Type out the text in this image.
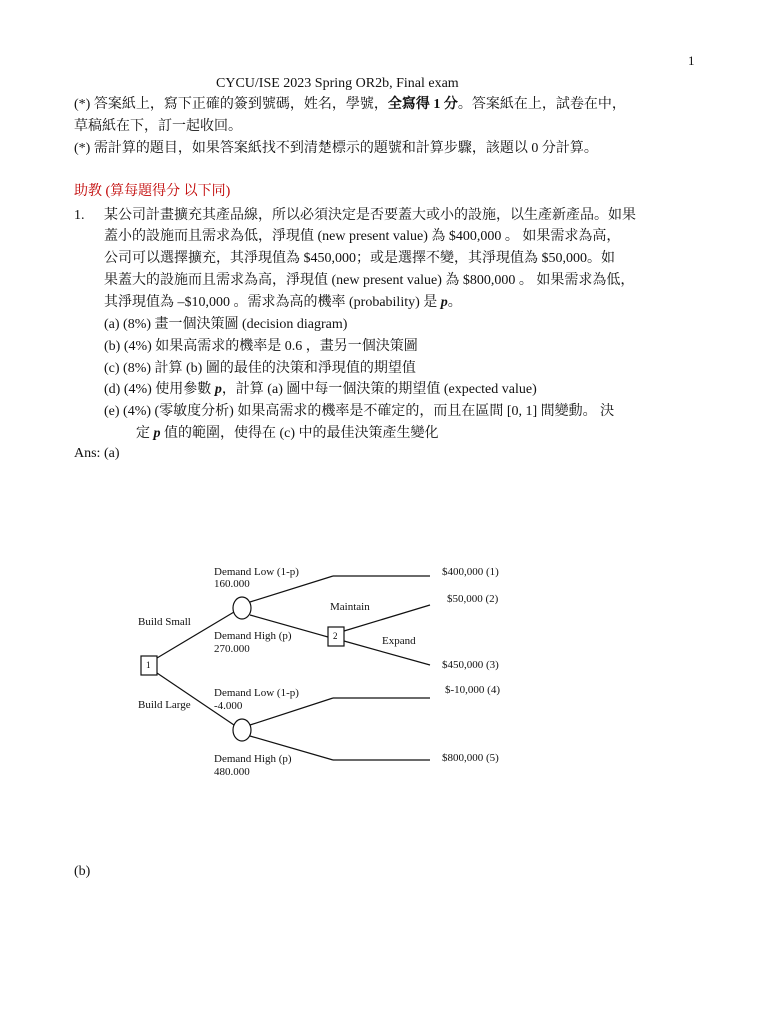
1
CYCU/ISE 2023 Spring OR2b, Final exam
(*) 答案紙上，寫下正確的簽到號碼，姓名，學號，全寫得 1 分。答案紙在上，試卷在中，
草稿紙在下，訂一起收回。
(*) 需計算的題目，如果答案紙找不到清楚標示的題號和計算步驟，該題以 0 分計算。
助教 (算每題得分 以下同)
1. 某公司計畫擴充其產品線，所以必須決定是否要蓋大或小的設施，以生產新產品。如果
蓋小的設施而且需求為低，淨現值 (new present value) 為 $400,000 。 如果需求為高，
公司可以選擇擴充，其淨現值為 $450,000；或是選擇不變，其淨現值為 $50,000。如
果蓋大的設施而且需求為高，淨現值 (new present value) 為 $800,000 。 如果需求為低，
其淨現值為 –$10,000 。需求為高的機率 (probability) 是 p。
(a) (8%) 畫一個決策圖 (decision diagram)
(b) (4%) 如果高需求的機率是 0.6 ，畫另一個決策圖
(c) (8%) 計算 (b) 圖的最佳的決策和淨現值的期望值
(d) (4%) 使用參數 p，計算 (a) 圖中每一個決策的期望值 (expected value)
(e) (4%) (零敏度分析) 如果高需求的機率是不確定的，而且在區間 [0, 1] 間變動。 決
定 p 值的範圍，使得在 (c) 中的最佳決策產生變化
Ans: (a)
1
2
Build Small
Build Large
Demand Low (1-p)
160.000
Demand High (p)
270.000
Maintain
Expand
Demand Low (1-p)
-4.000
Demand High (p)
480.000
$400,000 (1)
$50,000 (2)
$450,000 (3)
$-10,000 (4)
$800,000 (5)
(b)
